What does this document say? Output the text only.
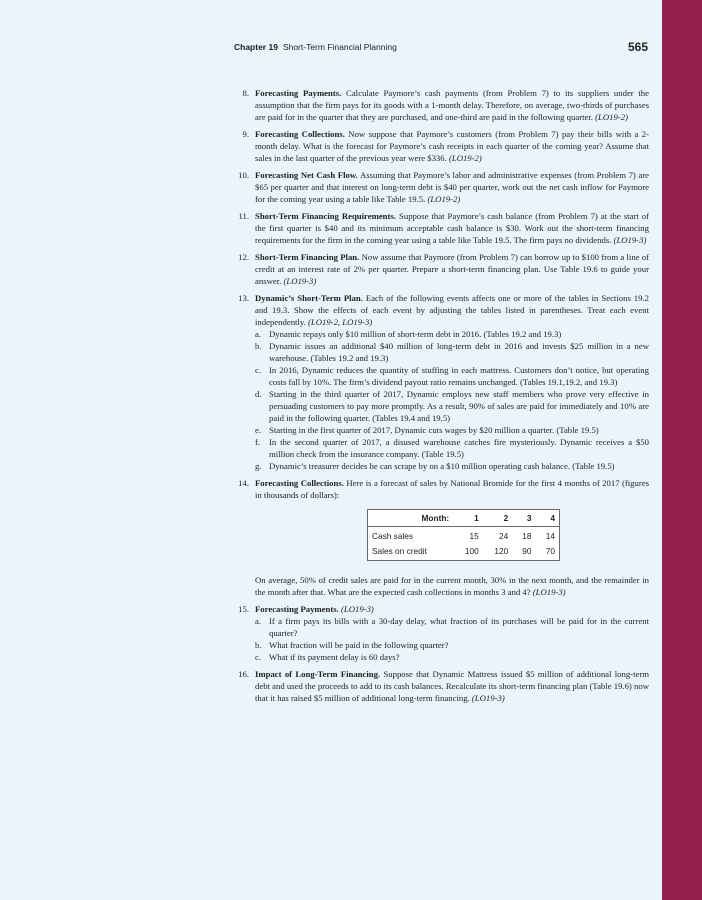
Chapter 19 Short-Term Financial Planning	565
8. Forecasting Payments. Calculate Paymore’s cash payments (from Problem 7) to its suppliers under the assumption that the firm pays for its goods with a 1-month delay. Therefore, on average, two-thirds of purchases are paid for in the quarter that they are purchased, and one-third are paid in the following quarter. (LO19-2)
9. Forecasting Collections. Now suppose that Paymore’s customers (from Problem 7) pay their bills with a 2-month delay. What is the forecast for Paymore’s cash receipts in each quarter of the coming year? Assume that sales in the last quarter of the previous year were $336. (LO19-2)
10. Forecasting Net Cash Flow. Assuming that Paymore’s labor and administrative expenses (from Problem 7) are $65 per quarter and that interest on long-term debt is $40 per quarter, work out the net cash inflow for Paymore for the coming year using a table like Table 19.5. (LO19-2)
11. Short-Term Financing Requirements. Suppose that Paymore’s cash balance (from Problem 7) at the start of the first quarter is $40 and its minimum acceptable cash balance is $30. Work out the short-term financing requirements for the firm in the coming year using a table like Table 19.5. The firm pays no dividends. (LO19-3)
12. Short-Term Financing Plan. Now assume that Paymore (from Problem 7) can borrow up to $100 from a line of credit at an interest rate of 2% per quarter. Prepare a short-term financing plan. Use Table 19.6 to guide your answer. (LO19-3)
13. Dynamic’s Short-Term Plan. Each of the following events affects one or more of the tables in Sections 19.2 and 19.3. Show the effects of each event by adjusting the tables listed in parentheses. Treat each event independently. (LO19-2, LO19-3)
a. Dynamic repays only $10 million of short-term debt in 2016. (Tables 19.2 and 19.3)
b. Dynamic issues an additional $40 million of long-term debt in 2016 and invests $25 million in a new warehouse. (Tables 19.2 and 19.3)
c. In 2016, Dynamic reduces the quantity of stuffing in each mattress. Customers don’t notice, but operating costs fall by 10%. The firm’s dividend payout ratio remains unchanged. (Tables 19.1,19.2, and 19.3)
d. Starting in the third quarter of 2017, Dynamic employs new staff members who prove very effective in persuading customers to pay more promptly. As a result, 90% of sales are paid for immediately and 10% are paid in the following quarter. (Tables 19.4 and 19.5)
e. Starting in the first quarter of 2017, Dynamic cuts wages by $20 million a quarter. (Table 19.5)
f. In the second quarter of 2017, a disused warehouse catches fire mysteriously. Dynamic receives a $50 million check from the insurance company. (Table 19.5)
g. Dynamic’s treasurer decides he can scrape by on a $10 million operating cash balance. (Table 19.5)
14. Forecasting Collections. Here is a forecast of sales by National Bromide for the first 4 months of 2017 (figures in thousands of dollars):
Month:	1	2	3	4
Cash sales	15	24	18	14
Sales on credit	100	120	90	70

On average, 50% of credit sales are paid for in the current month, 30% in the next month, and the remainder in the month after that. What are the expected cash collections in months 3 and 4? (LO19-3)

15. Forecasting Payments. (LO19-3)
a. If a firm pays its bills with a 30-day delay, what fraction of its purchases will be paid for in the current quarter?
b. What fraction will be paid in the following quarter?
c. What if its payment delay is 60 days?
16. Impact of Long-Term Financing. Suppose that Dynamic Mattress issued $5 million of additional long-term debt and used the proceeds to add to its cash balances. Recalculate its short-term financing plan (Table 19.6) now that it has raised $5 million of additional long-term financing. (LO19-3)
